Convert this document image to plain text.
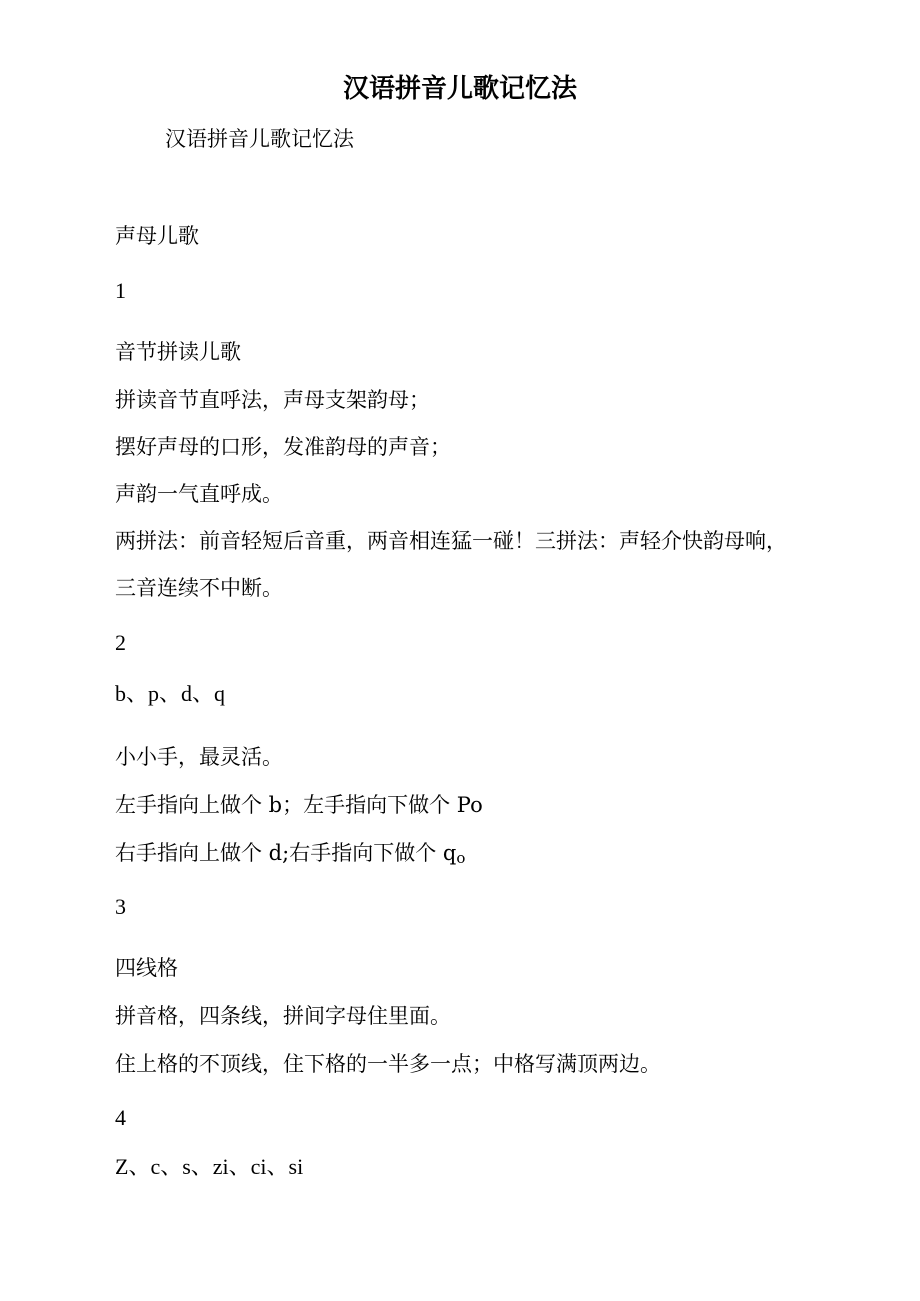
汉语拼音儿歌记忆法

汉语拼音儿歌记忆法

声母儿歌

1

音节拼读儿歌

拼读音节直呼法，声母支架韵母；

摆好声母的口形，发准韵母的声音；

声韵一气直呼成。

两拼法：前音轻短后音重，两音相连猛一碰！三拼法：声轻介快韵母响，

三音连续不中断。

2

b、p、d、q

小小手，最灵活。

左手指向上做个 b；左手指向下做个 Po

右手指向上做个 d;右手指向下做个 $q_o$

3

四线格

拼音格，四条线，拼间字母住里面。

住上格的不顶线，住下格的一半多一点；中格写满顶两边。

4

Z、c、s、zi、ci、si
